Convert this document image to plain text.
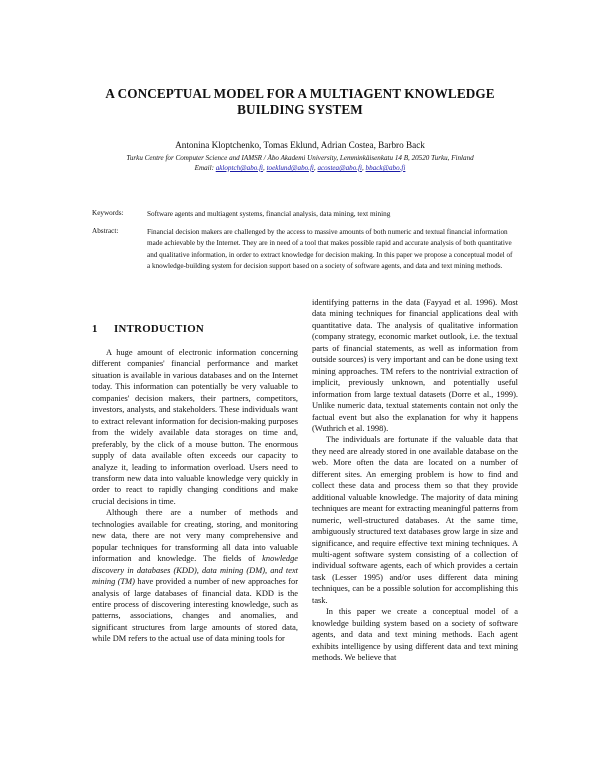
A CONCEPTUAL MODEL FOR A MULTIAGENT KNOWLEDGE
BUILDING SYSTEM
Antonina Kloptchenko, Tomas Eklund, Adrian Costea, Barbro Back
Turku Centre for Computer Science and IAMSR / Åbo Akademi University, Lemminkäisenkatu 14 B, 20520 Turku, Finland
Email: akloptch@abo.fi, toeklund@abo.fi, acostea@abo.fi, bback@abo.fi
Keywords:	Software agents and multiagent systems, financial analysis, data mining, text mining
Abstract:	Financial decision makers are challenged by the access to massive amounts of both numeric and textual financial information made achievable by the Internet. They are in need of a tool that makes possible rapid and accurate analysis of both quantitative and qualitative information, in order to extract knowledge for decision making. In this paper we propose a conceptual model of a knowledge-building system for decision support based on a society of software agents, and data and text mining methods.
1 INTRODUCTION

A huge amount of electronic information concerning different companies' financial performance and market situation is available in various databases and on the Internet today. This information can potentially be very valuable to companies' decision makers, their partners, competitors, investors, analysts, and stakeholders. These individuals want to extract relevant information for decision-making purposes from the widely available data storages on time and, preferably, by the click of a mouse button. The enormous supply of data available often exceeds our capacity to analyze it, leading to information overload. Users need to transform new data into valuable knowledge very quickly in order to react to rapidly changing conditions and make crucial decisions in time.

Although there are a number of methods and technologies available for creating, storing, and monitoring new data, there are not very many comprehensive and popular techniques for transforming all data into valuable information and knowledge. The fields of knowledge discovery in databases (KDD), data mining (DM), and text mining (TM) have provided a number of new approaches for analysis of large databases of financial data. KDD is the entire process of discovering interesting knowledge, such as patterns, associations, changes and anomalies, and significant structures from large amounts of stored data, while DM refers to the actual use of data mining tools for

identifying patterns in the data (Fayyad et al. 1996). Most data mining techniques for financial applications deal with quantitative data. The analysis of qualitative information (company strategy, economic market outlook, i.e. the textual parts of financial statements, as well as information from outside sources) is very important and can be done using text mining approaches. TM refers to the nontrivial extraction of implicit, previously unknown, and potentially useful information from large textual datasets (Dorre et al., 1999). Unlike numeric data, textual statements contain not only the factual event but also the explanation for why it happens (Wuthrich et al. 1998).

The individuals are fortunate if the valuable data that they need are already stored in one available database on the web. More often the data are located on a number of different sites. An emerging problem is how to find and collect these data and process them so that they provide additional valuable knowledge. The majority of data mining techniques are meant for extracting meaningful patterns from numeric, well-structured databases. At the same time, ambiguously structured text databases grow large in size and significance, and require effective text mining techniques. A multi-agent software system consisting of a collection of individual software agents, each of which provides a certain task (Lesser 1995) and/or uses different data mining techniques, can be a possible solution for accomplishing this task.

In this paper we create a conceptual model of a knowledge building system based on a society of software agents, and data and text mining methods. Each agent exhibits intelligence by using different data and text mining methods. We believe that
